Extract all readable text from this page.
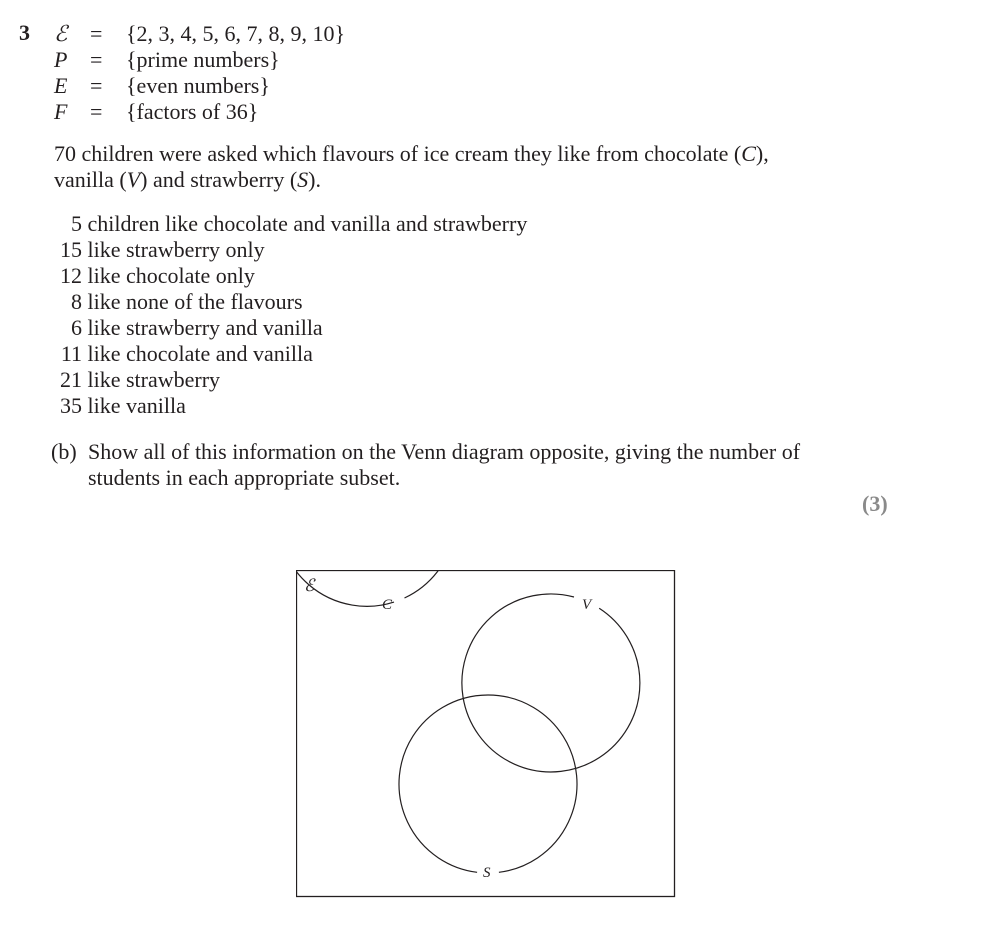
3 ℰ	= {2, 3, 4, 5, 6, 7, 8, 9, 10}
P	= {prime numbers}
E	= {even numbers}
F	= {factors of 36}
70 children were asked which flavours of ice cream they like from chocolate (C),
vanilla (V) and strawberry (S).
5 children like chocolate and vanilla and strawberry
15 like strawberry only
12 like chocolate only
8 like none of the flavours
6 like strawberry and vanilla
11 like chocolate and vanilla
21 like strawberry
35 like vanilla
(b) Show all of this information on the Venn diagram opposite, giving the number of
students in each appropriate subset.
(3)
ℰ
C	V
S
